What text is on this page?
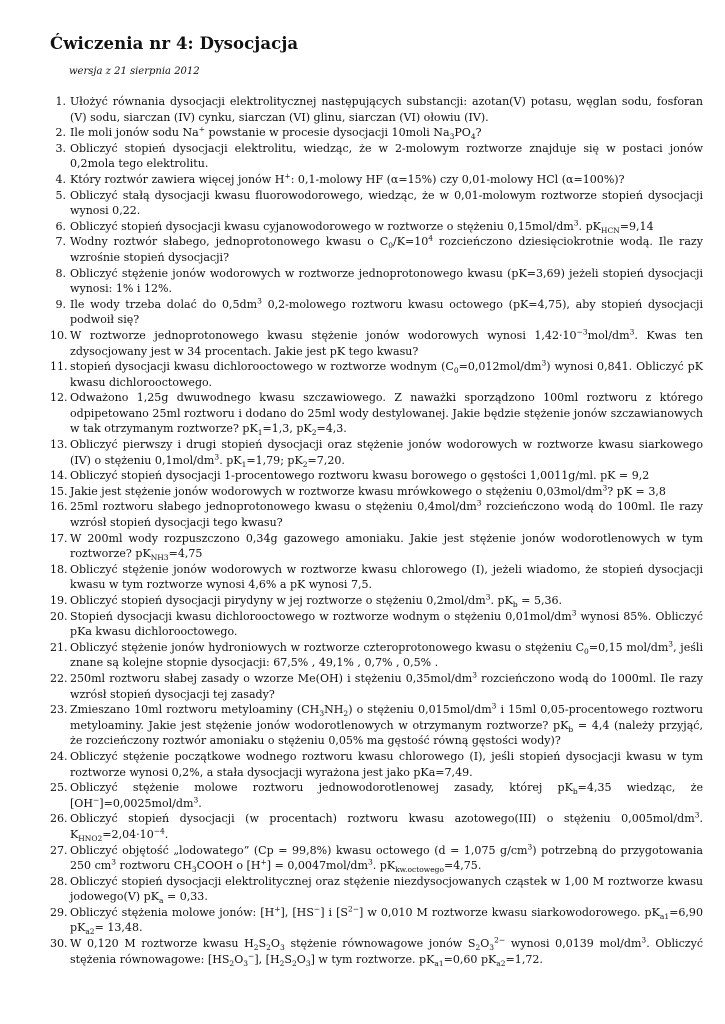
Ćwiczenia nr 4: Dysocjacja

wersja z 21 sierpnia 2012

1. Ułożyć równania dysocjacji elektrolitycznej następujących substancji: azotan(V) potasu, węglan sodu, fosforan (V) sodu, siarczan (IV) cynku, siarczan (VI) glinu, siarczan (VI) ołowiu (IV).
2. Ile moli jonów sodu Na+ powstanie w procesie dysocjacji 10moli $Na_3PO_4$?
3. Obliczyć stopień dysocjacji elektrolitu, wiedząc, że w 2-molowym roztworze znajduje się w postaci jonów 0,2mola tego elektrolitu.
4. Który roztwór zawiera więcej jonów H+: 0,1-molowy HF (α=15%) czy 0,01-molowy HCl (α=100%)?
5. Obliczyć stałą dysocjacji kwasu fluorowodorowego, wiedząc, że w 0,01-molowym roztworze stopień dysocjacji wynosi 0,22.
6. Obliczyć stopień dysocjacji kwasu cyjanowodorowego w roztworze o stężeniu $0,15mol/dm^3$. $pK_{HCN}=9,14$
7. Wodny roztwór słabego, jednoprotonowego kwasu o $C_0/K=10^4$ rozcieńczono dziesięciokrotnie wodą. Ile razy wzrośnie stopień dysocjacji?
8. Obliczyć stężenie jonów wodorowych w roztworze jednoprotonowego kwasu (pK=3,69) jeżeli stopień dysocjacji wynosi: 1% i 12%.
9. Ile wody trzeba dolać do $0,5dm^3$ 0,2-molowego roztworu kwasu octowego (pK=4,75), aby stopień dysocjacji podwoił się?
10. W roztworze jednoprotonowego kwasu stężenie jonów wodorowych wynosi $1,42\cdot 10^{-3}mol/dm^3$. Kwas ten zdysocjowany jest w 34 procentach. Jakie jest pK tego kwasu?
11. stopień dysocjacji kwasu dichlorooctowego w roztworze wodnym $(C_0=0,012mol/dm^3)$ wynosi 0,841. Obliczyć pK kwasu dichlorooctowego.
12. Odważono 1,25g dwuwodnego kwasu szczawiowego. Z naważki sporządzono 100ml roztworu z którego odpipetowano 25ml roztworu i dodano do 25ml wody destylowanej. Jakie będzie stężenie jonów szczawianowych w tak otrzymanym roztworze? $pK_1=1,3$, $pK_2=4,3$.
13. Obliczyć pierwszy i drugi stopień dysocjacji oraz stężenie jonów wodorowych w roztworze kwasu siarkowego (IV) o stężeniu $0,1mol/dm^3$. $pK_1=1,79$; $pK_2=7,20$.
14. Obliczyć stopień dysocjacji 1-procentowego roztworu kwasu borowego o gęstości 1,0011g/ml. pK = 9,2
15. Jakie jest stężenie jonów wodorowych w roztworze kwasu mrówkowego o stężeniu $0,03mol/dm^3$? pK = 3,8
16. 25ml roztworu słabego jednoprotonowego kwasu o stężeniu $0,4mol/dm^3$ rozcieńczono wodą do 100ml. Ile razy wzrósł stopień dysocjacji tego kwasu?
17. W 200ml wody rozpuszczono 0,34g gazowego amoniaku. Jakie jest stężenie jonów wodorotlenowych w tym roztworze? $pK_{NH3}=4,75$
18. Obliczyć stężenie jonów wodorowych w roztworze kwasu chlorowego (I), jeżeli wiadomo, że stopień dysocjacji kwasu w tym roztworze wynosi 4,6% a pK wynosi 7,5.
19. Obliczyć stopień dysocjacji pirydyny w jej roztworze o stężeniu $0,2mol/dm^3$. $pK_b = 5,36$.
20. Stopień dysocjacji kwasu dichlorooctowego w roztworze wodnym o stężeniu $0,01mol/dm^3$ wynosi 85%. Obliczyć pKa kwasu dichlorooctowego.
21. Obliczyć stężenie jonów hydroniowych w roztworze czteroprotonowego kwasu o stężeniu $C_0=0,15$ mol/$dm^3$, jeśli znane są kolejne stopnie dysocjacji: 67,5% , 49,1% , 0,7% , 0,5% .
22. 250ml roztworu słabej zasady o wzorze Me(OH) i stężeniu $0,35mol/dm^3$ rozcieńczono wodą do 1000ml. Ile razy wzrósł stopień dysocjacji tej zasady?
23. Zmieszano 10ml roztworu metyloaminy $(CH_3NH_2)$ o stężeniu $0,015mol/dm^3$ i 15ml 0,05-procentowego roztworu metyloaminy. Jakie jest stężenie jonów wodorotlenowych w otrzymanym roztworze? $pK_b = 4,4$ (należy przyjąć, że rozcieńczony roztwór amoniaku o stężeniu 0,05% ma gęstość równą gęstości wody)?
24. Obliczyć stężenie początkowe wodnego roztworu kwasu chlorowego (I), jeśli stopień dysocjacji kwasu w tym roztworze wynosi 0,2%, a stała dysocjacji wyrażona jest jako pKa=7,49.
25. Obliczyć stężenie molowe roztworu jednowodorotlenowej zasady, której $pK_b=4,35$ wiedząc, że $[OH^-]=0,0025mol/dm^3$.
26. Obliczyć stopień dysocjacji (w procentach) roztworu kwasu azotowego(III) o stężeniu $0,005mol/dm^3$. $K_{HNO2}=2,04\cdot 10^{-4}$.
27. Obliczyć objętość „lodowatego” (Cp = 99,8%) kwasu octowego (d = 1,075 $g/cm^3$) potrzebną do przygotowania 250 $cm^3$ roztworu $CH_3COOH$ o $[H^+] = 0,0047mol/dm^3$. $pK_{kw.octowego}=4,75$.
28. Obliczyć stopień dysocjacji elektrolitycznej oraz stężenie niezdysocjowanych cząstek w 1,00 M roztworze kwasu jodowego(V) $pK_a = 0,33$.
29. Obliczyć stężenia molowe jonów: [H+], [HS−] i $[S^{2-}]$ w 0,010 M roztworze kwasu siarkowodorowego. $pK_{a1}=6,90$ $pK_{a2}= 13,48$.
30. W 0,120 M roztworze kwasu $H_2S_2O_3$ stężenie równowagowe jonów $S_2O_3^{2-}$ wynosi 0,0139 mol/$dm^3$. Obliczyć stężenia równowagowe: $[HS_2O_3^-]$, $[H_2S_2O_3]$ w tym roztworze. $pK_{a1}=0,60$ $pK_{a2}=1,72$.
